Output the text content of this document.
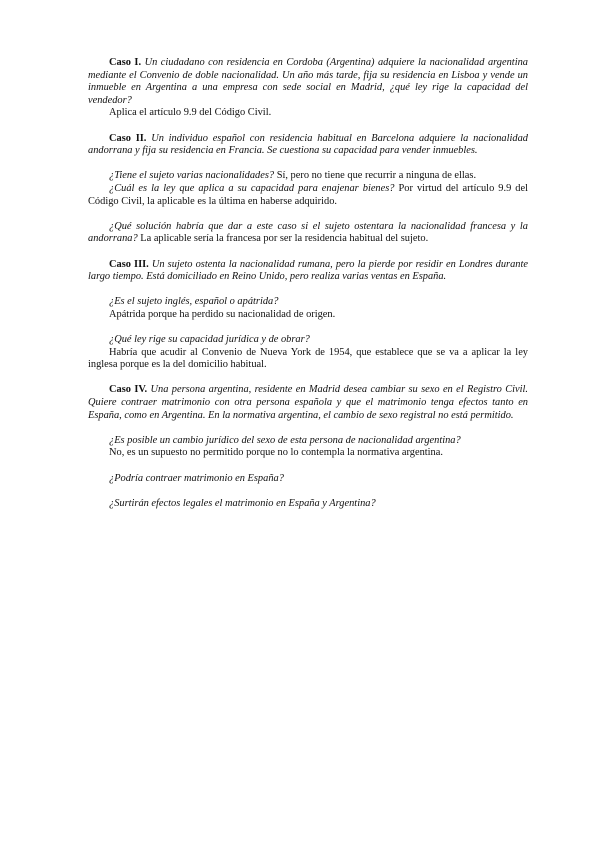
Caso I. Un ciudadano con residencia en Cordoba (Argentina) adquiere la nacionalidad argentina mediante el Convenio de doble nacionalidad. Un año más tarde, fija su residencia en Lisboa y vende un inmueble en Argentina a una empresa con sede social en Madrid, ¿qué ley rige la capacidad del vendedor?

Aplica el artículo 9.9 del Código Civil.

Caso II. Un individuo español con residencia habitual en Barcelona adquiere la nacionalidad andorrana y fija su residencia en Francia. Se cuestiona su capacidad para vender inmuebles.

¿Tiene el sujeto varias nacionalidades? Sí, pero no tiene que recurrir a ninguna de ellas.

¿Cuál es la ley que aplica a su capacidad para enajenar bienes? Por virtud del artículo 9.9 del Código Civil, la aplicable es la última en haberse adquirido.

¿Qué solución habría que dar a este caso si el sujeto ostentara la nacionalidad francesa y la andorrana? La aplicable sería la francesa por ser la residencia habitual del sujeto.

Caso III. Un sujeto ostenta la nacionalidad rumana, pero la pierde por residir en Londres durante largo tiempo. Está domiciliado en Reino Unido, pero realiza varias ventas en España.

¿Es el sujeto inglés, español o apátrida?

Apátrida porque ha perdido su nacionalidad de origen.

¿Qué ley rige su capacidad jurídica y de obrar?

Habría que acudir al Convenio de Nueva York de 1954, que establece que se va a aplicar la ley inglesa porque es la del domicilio habitual.

Caso IV. Una persona argentina, residente en Madrid desea cambiar su sexo en el Registro Civil. Quiere contraer matrimonio con otra persona española y que el matrimonio tenga efectos tanto en España, como en Argentina. En la normativa argentina, el cambio de sexo registral no está permitido.

¿Es posible un cambio jurídico del sexo de esta persona de nacionalidad argentina?

No, es un supuesto no permitido porque no lo contempla la normativa argentina.

¿Podría contraer matrimonio en España?

¿Surtirán efectos legales el matrimonio en España y Argentina?
